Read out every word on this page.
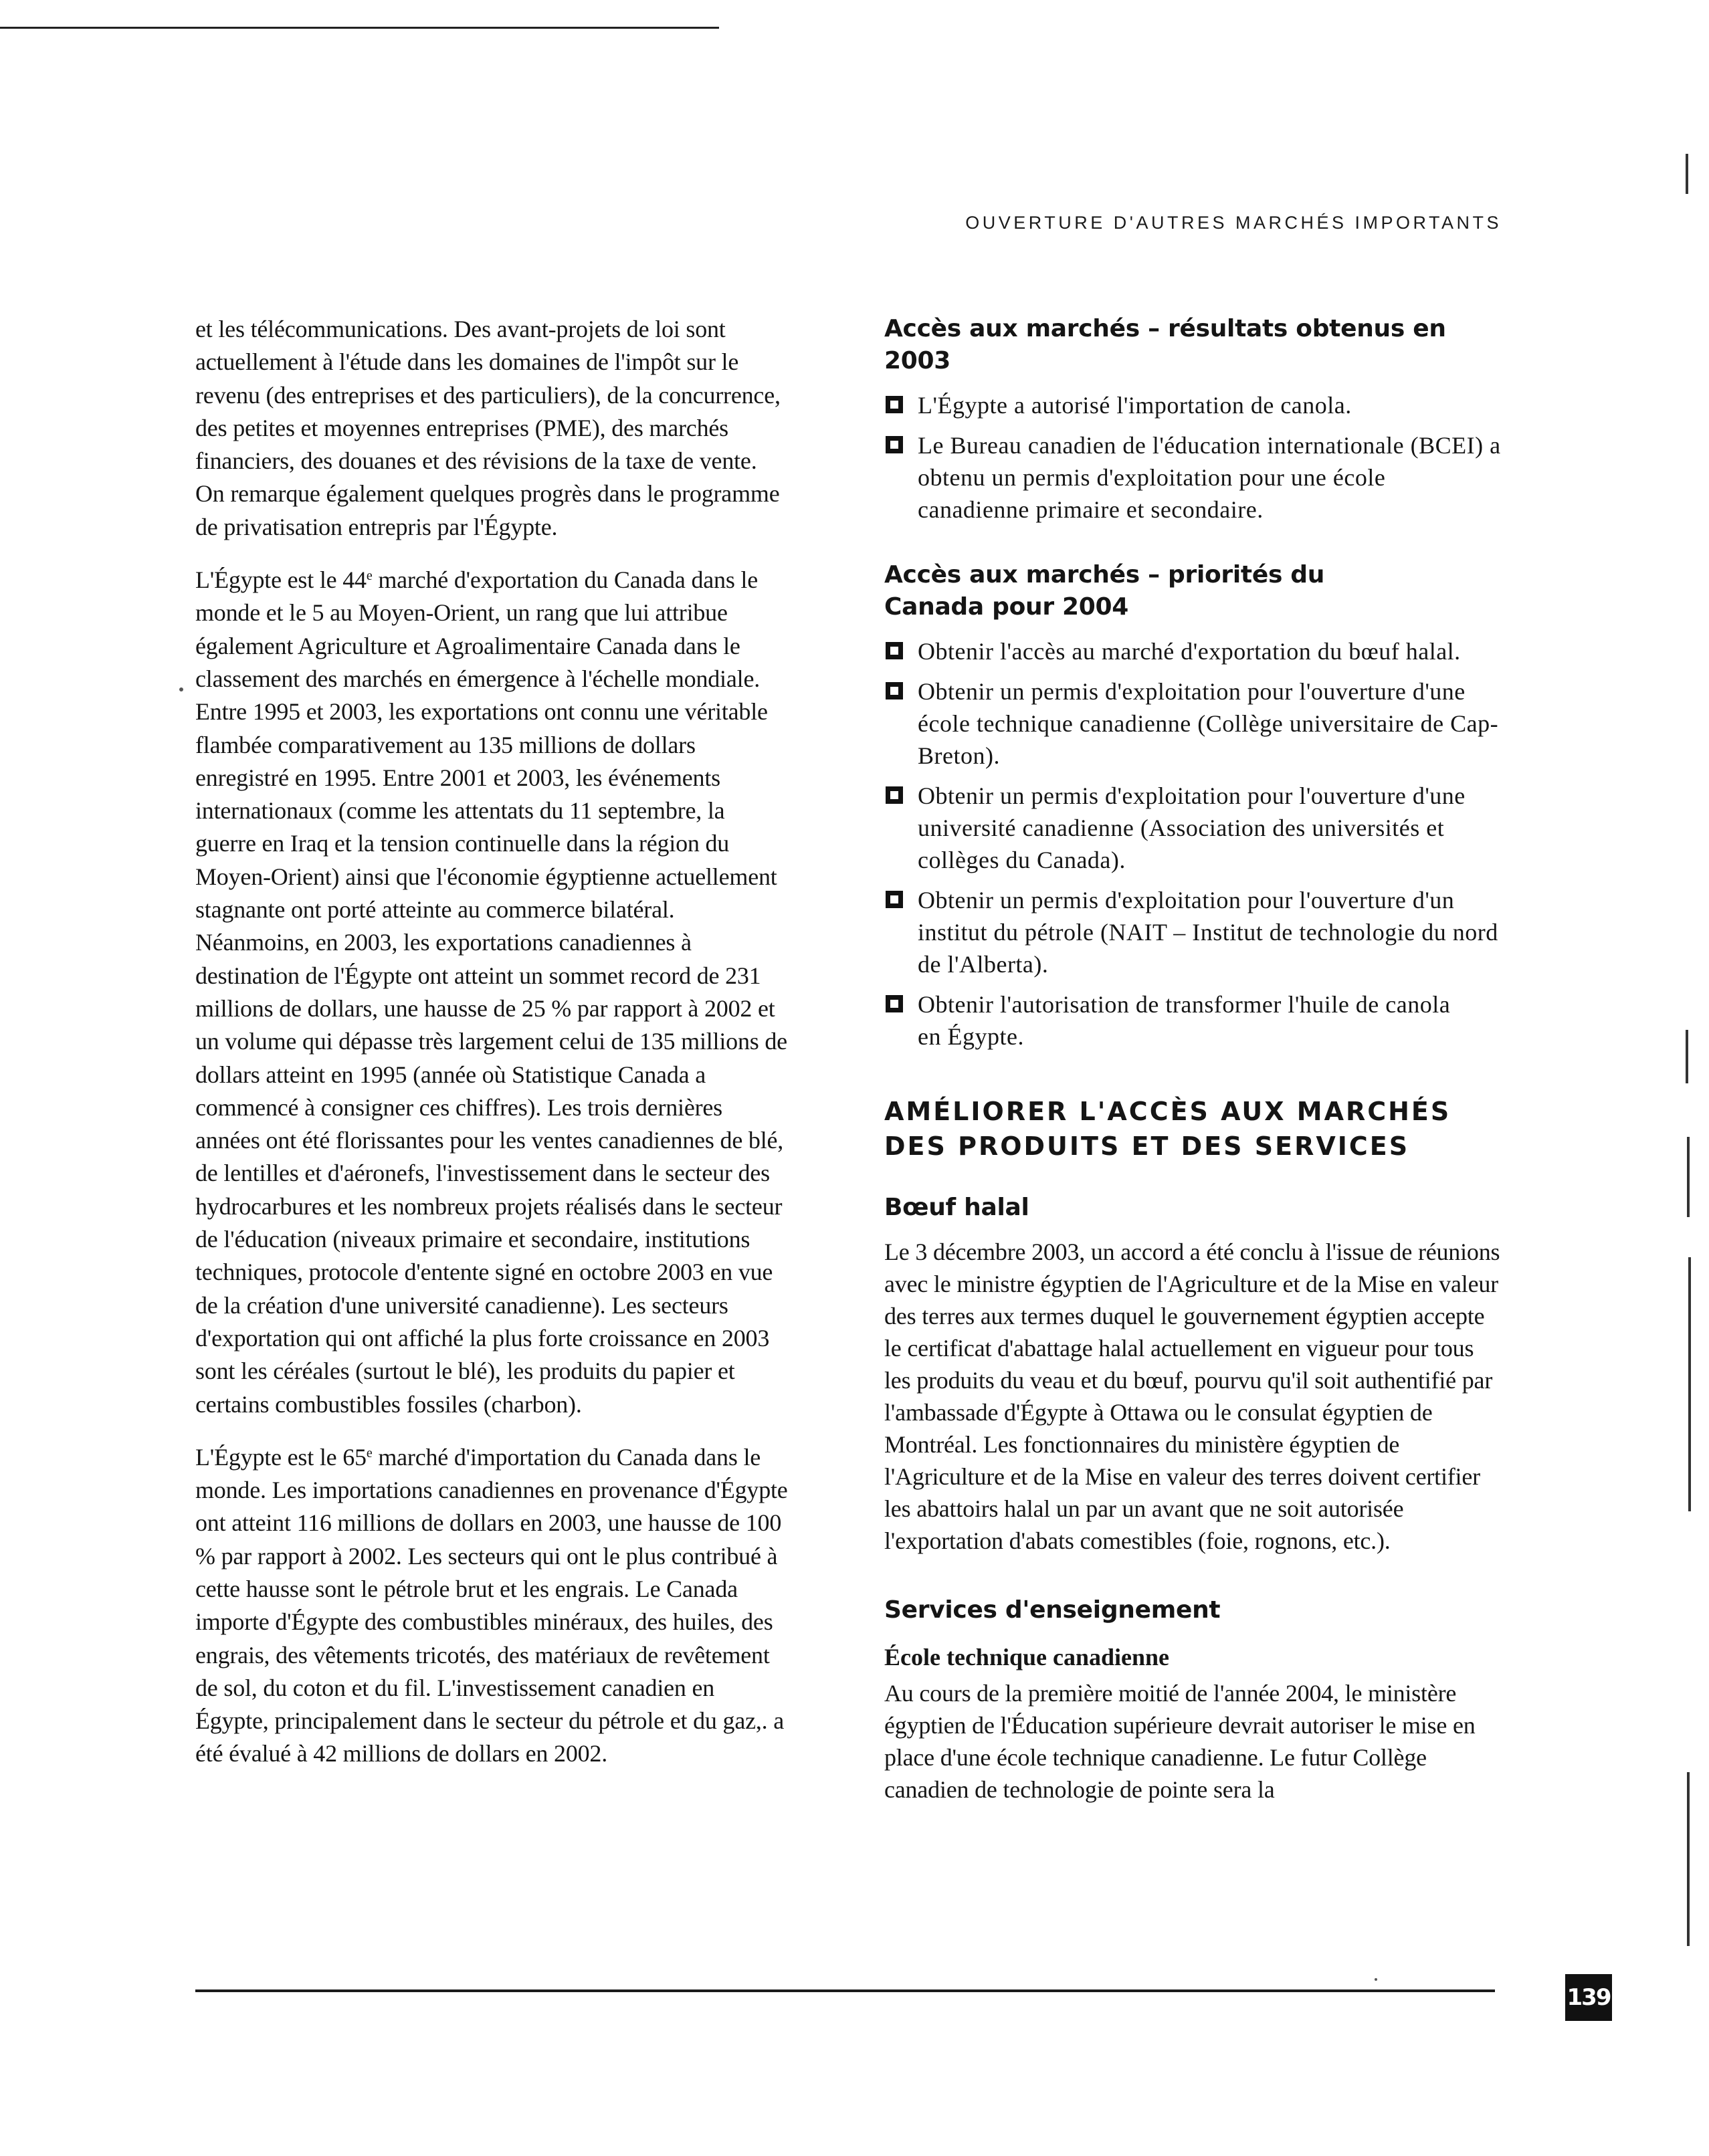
OUVERTURE D'AUTRES MARCHÉS IMPORTANTS

et les télécommunications. Des avant-projets de loi sont actuellement à l'étude dans les domaines de l'impôt sur le revenu (des entreprises et des particuliers), de la concurrence, des petites et moyennes entreprises (PME), des marchés financiers, des douanes et des révisions de la taxe de vente. On remarque également quelques progrès dans le programme de privatisation entrepris par l'Égypte.

L'Égypte est le 44e marché d'exportation du Canada dans le monde et le 5 au Moyen-Orient, un rang que lui attribue également Agriculture et Agroalimentaire Canada dans le classement des marchés en émergence à l'échelle mondiale. Entre 1995 et 2003, les exportations ont connu une véritable flambée comparativement au 135 millions de dollars enregistré en 1995. Entre 2001 et 2003, les événements internationaux (comme les attentats du 11 septembre, la guerre en Iraq et la tension continuelle dans la région du Moyen-Orient) ainsi que l'économie égyptienne actuellement stagnante ont porté atteinte au commerce bilatéral. Néanmoins, en 2003, les exportations canadiennes à destination de l'Égypte ont atteint un sommet record de 231 millions de dollars, une hausse de 25 % par rapport à 2002 et un volume qui dépasse très largement celui de 135 millions de dollars atteint en 1995 (année où Statistique Canada a commencé à consigner ces chiffres). Les trois dernières années ont été florissantes pour les ventes canadiennes de blé, de lentilles et d'aéronefs, l'investissement dans le secteur des hydrocarbures et les nombreux projets réalisés dans le secteur de l'éducation (niveaux primaire et secondaire, institutions techniques, protocole d'entente signé en octobre 2003 en vue de la création d'une université canadienne). Les secteurs d'exportation qui ont affiché la plus forte croissance en 2003 sont les céréales (surtout le blé), les produits du papier et certains combustibles fossiles (charbon).

L'Égypte est le 65e marché d'importation du Canada dans le monde. Les importations canadiennes en provenance d'Égypte ont atteint 116 millions de dollars en 2003, une hausse de 100 % par rapport à 2002. Les secteurs qui ont le plus contribué à cette hausse sont le pétrole brut et les engrais. Le Canada importe d'Égypte des combustibles minéraux, des huiles, des engrais, des vêtements tricotés, des matériaux de revêtement de sol, du coton et du fil. L'investissement canadien en Égypte, principalement dans le secteur du pétrole et du gaz,. a été évalué à 42 millions de dollars en 2002.

Accès aux marchés – résultats obtenus en 2003
L'Égypte a autorisé l'importation de canola.
Le Bureau canadien de l'éducation internationale (BCEI) a obtenu un permis d'exploitation pour une école canadienne primaire et secondaire.
Accès aux marchés – priorités du Canada pour 2004
Obtenir l'accès au marché d'exportation du bœuf halal.
Obtenir un permis d'exploitation pour l'ouverture d'une école technique canadienne (Collège universitaire de Cap-Breton).
Obtenir un permis d'exploitation pour l'ouverture d'une université canadienne (Association des universités et collèges du Canada).
Obtenir un permis d'exploitation pour l'ouverture d'un institut du pétrole (NAIT – Institut de technologie du nord de l'Alberta).
Obtenir l'autorisation de transformer l'huile de canola en Égypte.
AMÉLIORER L'ACCÈS AUX MARCHÉS DES PRODUITS ET DES SERVICES
Bœuf halal

Le 3 décembre 2003, un accord a été conclu à l'issue de réunions avec le ministre égyptien de l'Agriculture et de la Mise en valeur des terres aux termes duquel le gouvernement égyptien accepte le certificat d'abattage halal actuellement en vigueur pour tous les produits du veau et du bœuf, pourvu qu'il soit authentifié par l'ambassade d'Égypte à Ottawa ou le consulat égyptien de Montréal. Les fonctionnaires du ministère égyptien de l'Agriculture et de la Mise en valeur des terres doivent certifier les abattoirs halal un par un avant que ne soit autorisée l'exportation d'abats comestibles (foie, rognons, etc.).

Services d'enseignement
École technique canadienne

Au cours de la première moitié de l'année 2004, le ministère égyptien de l'Éducation supérieure devrait autoriser le mise en place d'une école technique canadienne. Le futur Collège canadien de technologie de pointe sera la

139
